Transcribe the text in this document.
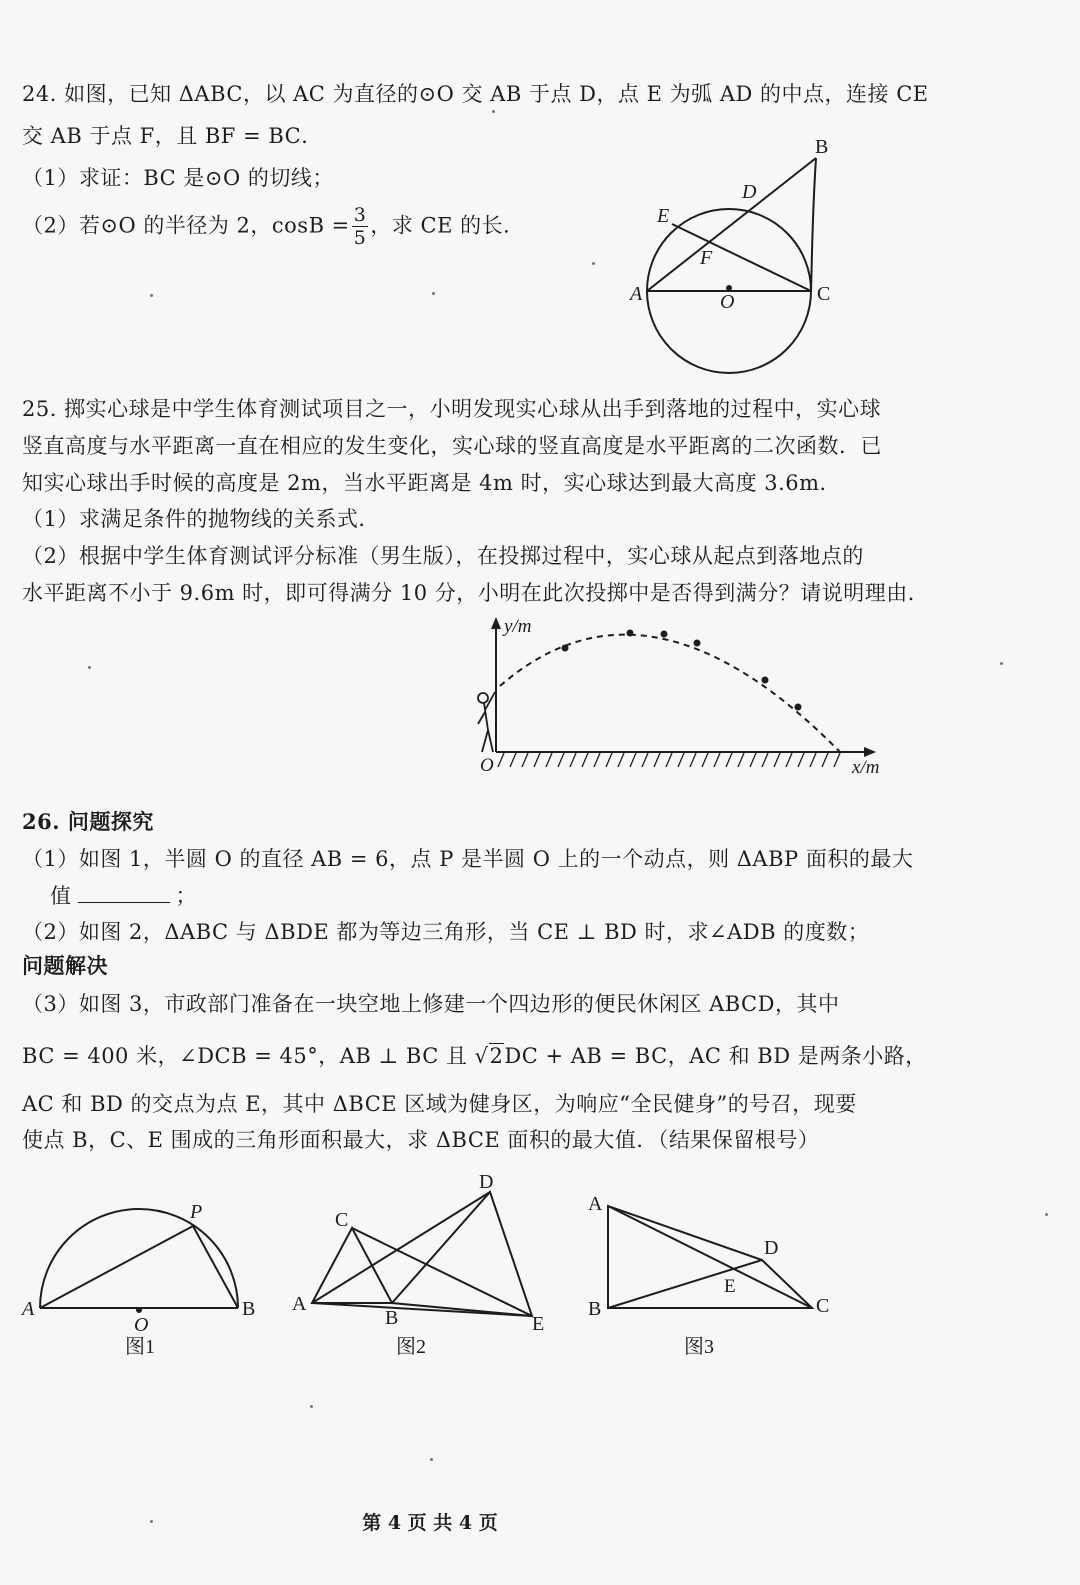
24. 如图，已知 ΔABC，以 AC 为直径的⊙O 交 AB 于点 D，点 E 为弧 AD 的中点，连接 CE
交 AB 于点 F，且 BF = BC．
（1）求证：BC 是⊙O 的切线；
（2）若⊙O 的半径为 2，$\cos B = \frac{3}{5}$ ，求 CE 的长．
B
D
E
F
A	O	C
25. 掷实心球是中学生体育测试项目之一，小明发现实心球从出手到落地的过程中，实心球
竖直高度与水平距离一直在相应的发生变化，实心球的竖直高度是水平距离的二次函数．已
知实心球出手时候的高度是 2m，当水平距离是 4m 时，实心球达到最大高度 3.6m．
（1）求满足条件的抛物线的关系式．
（2）根据中学生体育测试评分标准（男生版），在投掷过程中，实心球从起点到落地点的
水平距离不小于 9.6m 时，即可得满分 10 分，小明在此次投掷中是否得到满分？请说明理由．
y/m
x/m
O
26. 问题探究
（1）如图 1，半圆 O 的直径 AB = 6，点 P 是半圆 O 上的一个动点，则 ΔABP 面积的最大
值	；
（2）如图 2，ΔABC 与 ΔBDE 都为等边三角形，当 CE ⊥ BD 时，求∠ADB 的度数；
问题解决
（3）如图 3，市政部门准备在一块空地上修建一个四边形的便民休闲区 ABCD，其中
BC = 400 米，∠DCB = 45°，AB ⊥ BC 且 √2DC + AB = BC，AC 和 BD 是两条小路，
AC 和 BD 的交点为点 E，其中 ΔBCE 区域为健身区，为响应“全民健身”的号召，现要
使点 B，C、E 围成的三角形面积最大，求 ΔBCE 面积的最大值．（结果保留根号）
P
A
O
B
图1
D
C
A
B	E
图2
A
D
E
B	C
图3
第 4 页 共 4 页
